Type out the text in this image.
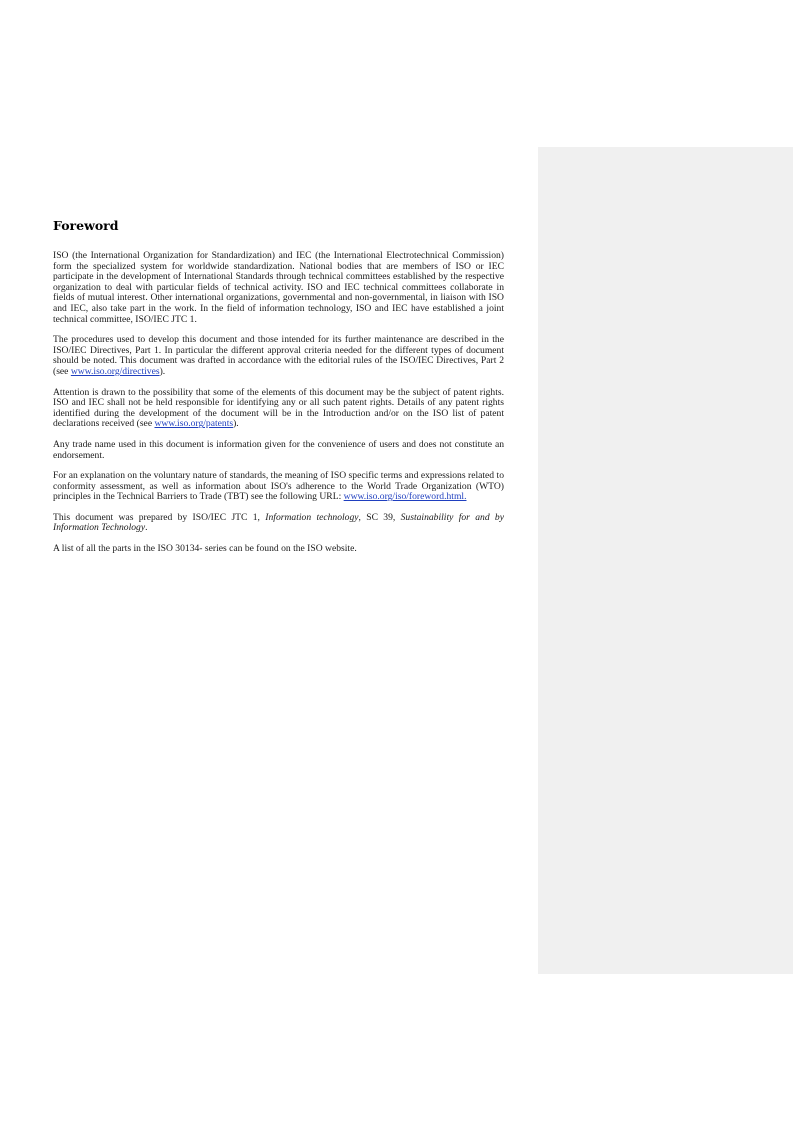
Foreword

ISO (the International Organization for Standardization) and IEC (the International Electrotechnical Commission) form the specialized system for worldwide standardization. National bodies that are members of ISO or IEC participate in the development of International Standards through technical committees established by the respective organization to deal with particular fields of technical activity. ISO and IEC technical committees collaborate in fields of mutual interest. Other international organizations, governmental and non-governmental, in liaison with ISO and IEC, also take part in the work. In the field of information technology, ISO and IEC have established a joint technical committee, ISO/IEC JTC 1.

The procedures used to develop this document and those intended for its further maintenance are described in the ISO/IEC Directives, Part 1. In particular the different approval criteria needed for the different types of document should be noted. This document was drafted in accordance with the editorial rules of the ISO/IEC Directives, Part 2 (see www.iso.org/directives).

Attention is drawn to the possibility that some of the elements of this document may be the subject of patent rights. ISO and IEC shall not be held responsible for identifying any or all such patent rights. Details of any patent rights identified during the development of the document will be in the Introduction and/or on the ISO list of patent declarations received (see www.iso.org/patents).

Any trade name used in this document is information given for the convenience of users and does not constitute an endorsement.

For an explanation on the voluntary nature of standards, the meaning of ISO specific terms and expressions related to conformity assessment, as well as information about ISO's adherence to the World Trade Organization (WTO) principles in the Technical Barriers to Trade (TBT) see the following URL: www.iso.org/iso/foreword.html.

This document was prepared by ISO/IEC JTC 1, Information technology, SC 39, Sustainability for and by Information Technology.

A list of all the parts in the ISO 30134- series can be found on the ISO website.
